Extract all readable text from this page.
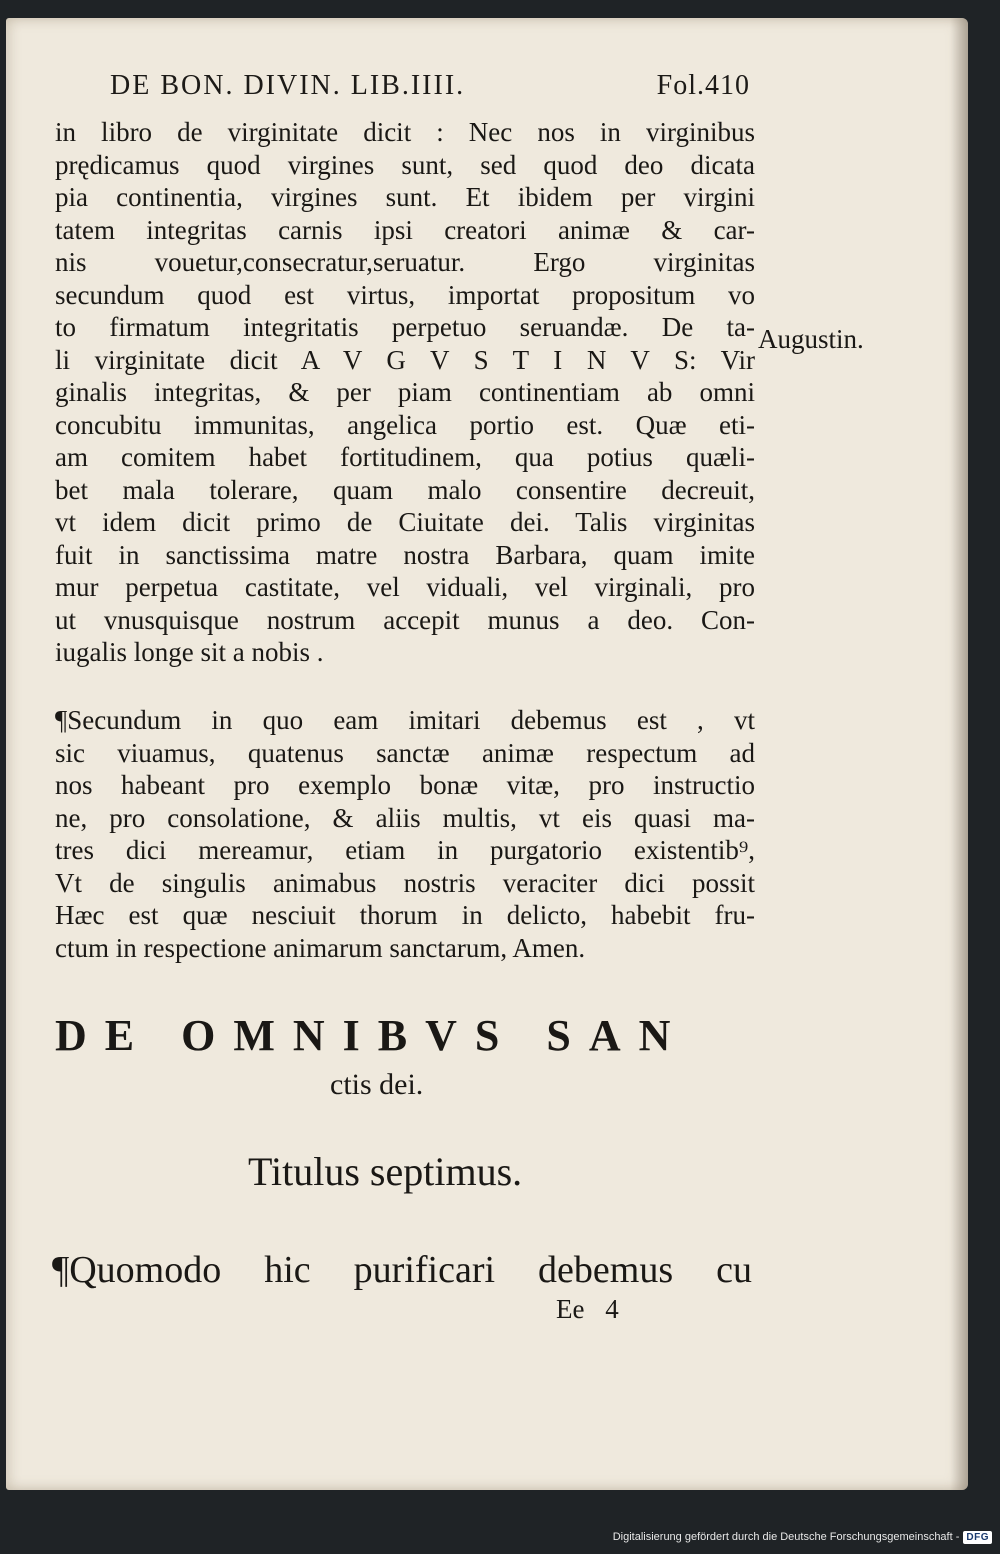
DE BON. DIVIN. LIB.IIII.	Fol.410
in libro de virginitate dicit : Nec nos in virginibus
prędicamus quod virgines sunt, sed quod deo dicata
pia continentia, virgines sunt. Et ibidem per virgini
tatem integritas carnis ipsi creatori animæ & car-
nis vouetur,consecratur,seruatur. Ergo virginitas
secundum quod est virtus, importat propositum vo
to firmatum integritatis perpetuo seruandæ. De ta-
li virginitate dicit A V G V S T I N V S: Vir
ginalis integritas, & per piam continentiam ab omni
concubitu immunitas, angelica portio est. Quæ eti-
am comitem habet fortitudinem, qua potius quæli-
bet mala tolerare, quam malo consentire decreuit,
vt idem dicit primo de Ciuitate dei. Talis virginitas
fuit in sanctissima matre nostra Barbara, quam imite
mur perpetua castitate, vel viduali, vel virginali, pro
ut vnusquisque nostrum accepit munus a deo. Con-
iugalis longe sit a nobis .
Augustin.
¶Secundum in quo eam imitari debemus est , vt
sic viuamus, quatenus sanctæ animæ respectum ad
nos habeant pro exemplo bonæ vitæ, pro instructio
ne, pro consolatione, & aliis multis, vt eis quasi ma-
tres dici mereamur, etiam in purgatorio existentib⁹,
Vt de singulis animabus nostris veraciter dici possit
Hæc est quæ nesciuit thorum in delicto, habebit fru-
ctum in respectione animarum sanctarum, Amen.
DE OMNIBVS SAN
ctis dei.
Titulus septimus.
¶Quomodo hic purificari debemus cu
Ee 4
Digitalisierung gefördert durch die Deutsche Forschungsgemeinschaft - DFG
